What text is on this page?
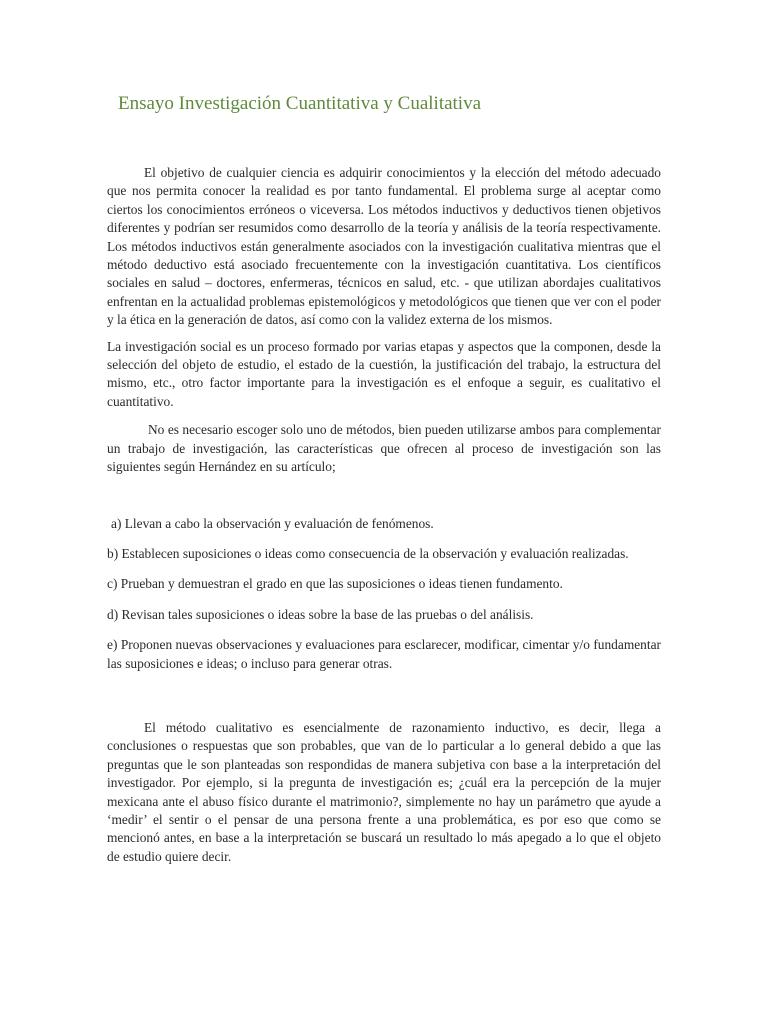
Ensayo Investigación Cuantitativa y Cualitativa

El objetivo de cualquier ciencia es adquirir conocimientos y la elección del método adecuado que nos permita conocer la realidad es por tanto fundamental. El problema surge al aceptar como ciertos los conocimientos erróneos o viceversa. Los métodos inductivos y deductivos tienen objetivos diferentes y podrían ser resumidos como desarrollo de la teoría y análisis de la teoría respectivamente. Los métodos inductivos están generalmente asociados con la investigación cualitativa mientras que el método deductivo está asociado frecuentemente con la investigación cuantitativa. Los científicos sociales en salud – doctores, enfermeras, técnicos en salud, etc. - que utilizan abordajes cualitativos enfrentan en la actualidad problemas epistemológicos y metodológicos que tienen que ver con el poder y la ética en la generación de datos, así como con la validez externa de los mismos.

La investigación social es un proceso formado por varias etapas y aspectos que la componen, desde la selección del objeto de estudio, el estado de la cuestión, la justificación del trabajo, la estructura del mismo, etc., otro factor importante para la investigación es el enfoque a seguir, es cualitativo el cuantitativo.

No es necesario escoger solo uno de métodos, bien pueden utilizarse ambos para complementar un trabajo de investigación, las características que ofrecen al proceso de investigación son las siguientes según Hernández en su artículo;

a) Llevan a cabo la observación y evaluación de fenómenos.

b) Establecen suposiciones o ideas como consecuencia de la observación y evaluación realizadas.

c) Prueban y demuestran el grado en que las suposiciones o ideas tienen fundamento.

d) Revisan tales suposiciones o ideas sobre la base de las pruebas o del análisis.

e) Proponen nuevas observaciones y evaluaciones para esclarecer, modificar, cimentar y/o fundamentar las suposiciones e ideas; o incluso para generar otras.

El método cualitativo es esencialmente de razonamiento inductivo, es decir, llega a conclusiones o respuestas que son probables, que van de lo particular a lo general debido a que las preguntas que le son planteadas son respondidas de manera subjetiva con base a la interpretación del investigador. Por ejemplo, si la pregunta de investigación es; ¿cuál era la percepción de la mujer mexicana ante el abuso físico durante el matrimonio?, simplemente no hay un parámetro que ayude a ‘medir’ el sentir o el pensar de una persona frente a una problemática, es por eso que como se mencionó antes, en base a la interpretación se buscará un resultado lo más apegado a lo que el objeto de estudio quiere decir.
